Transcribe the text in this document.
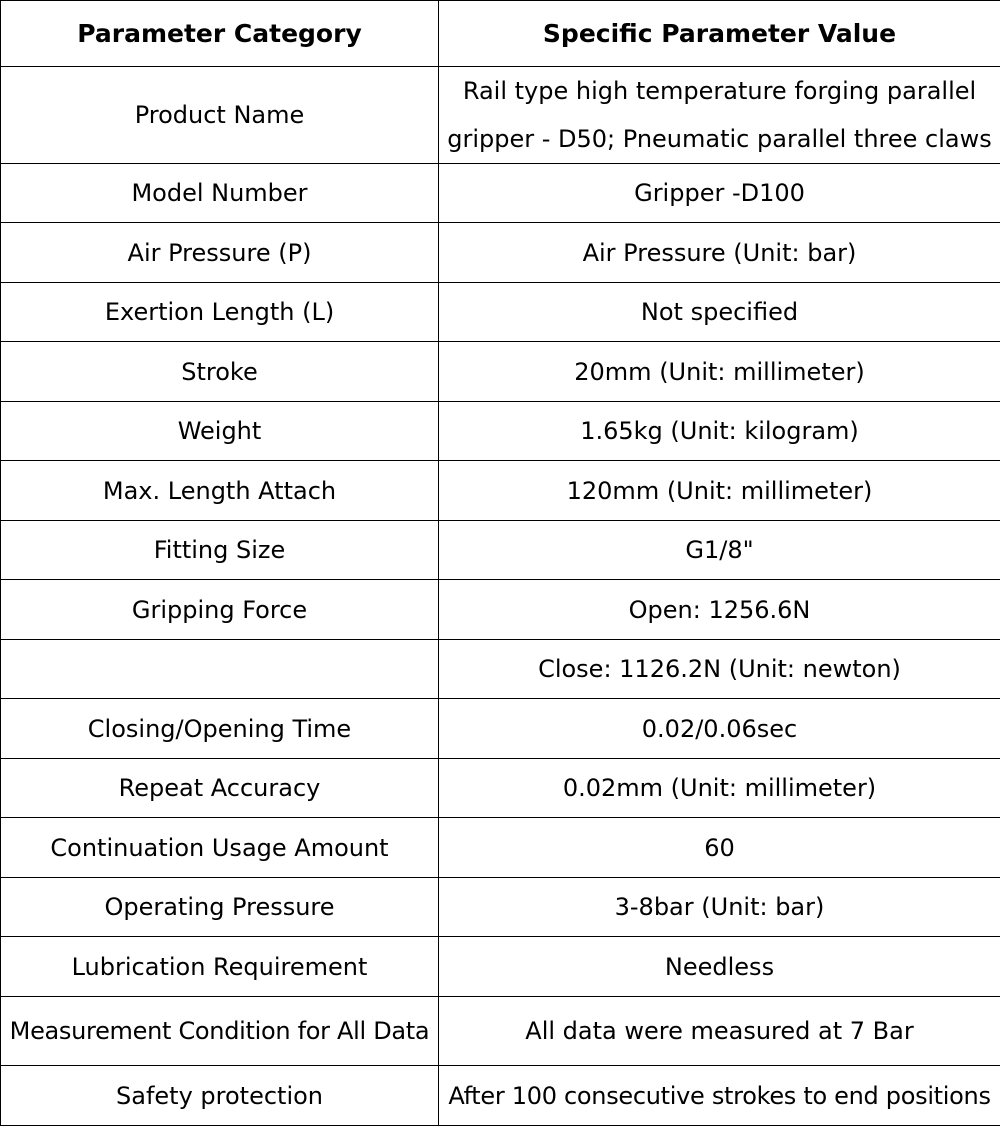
Parameter Category	Specific Parameter Value
Product Name	Rail type high temperature forging parallel gripper - D50; Pneumatic parallel three claws
Model Number	Gripper -D100
Air Pressure (P)	Air Pressure (Unit: bar)
Exertion Length (L)	Not specified
Stroke	20mm (Unit: millimeter)
Weight	1.65kg (Unit: kilogram)
Max. Length Attach	120mm (Unit: millimeter)
Fitting Size	G1/8"
Gripping Force	Open: 1256.6N
	Close: 1126.2N (Unit: newton)
Closing/Opening Time	0.02/0.06sec
Repeat Accuracy	0.02mm (Unit: millimeter)
Continuation Usage Amount	60
Operating Pressure	3-8bar (Unit: bar)
Lubrication Requirement	Needless
Measurement Condition for All Data	All data were measured at 7 Bar
Safety protection	After 100 consecutive strokes to end positions
